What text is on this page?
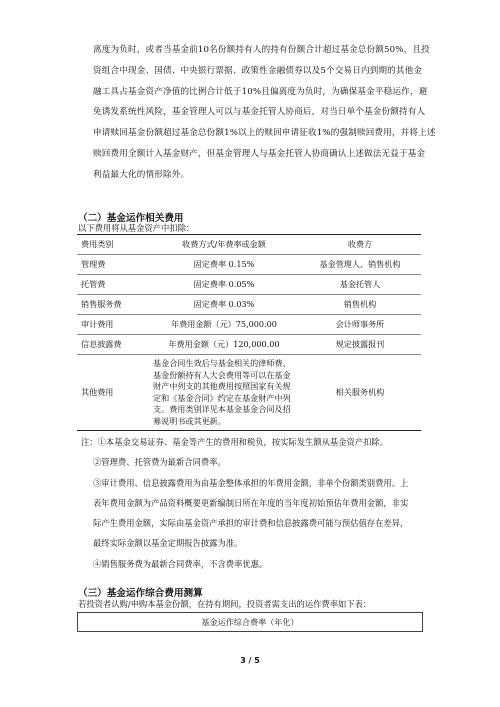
离度为负时，或者当基金前10名份额持有人的持有份额合计超过基金总份额50%，且投

资组合中现金、国债、中央银行票据、政策性金融债券以及5个交易日内到期的其他金

融工具占基金资产净值的比例合计低于10%且偏离度为负时，为确保基金平稳运作，避

免诱发系统性风险，基金管理人可以与基金托管人协商后，对当日单个基金份额持有人

申请赎回基金份额超过基金总份额1%以上的赎回申请征收1%的强制赎回费用，并将上述

赎回费用全额计入基金财产，但基金管理人与基金托管人协商确认上述做法无益于基金

利益最大化的情形除外。

（二）基金运作相关费用
以下费用将从基金资产中扣除：
费用类别	收费方式/年费率或金额	收费方
管理费	固定费率 0.15%	基金管理人、销售机构
托管费	固定费率 0.05%	基金托管人
销售服务费	固定费率 0.03%	销售机构
审计费用	年费用金额（元）75,000.00	会计师事务所
信息披露费	年费用金额（元）120,000.00	规定披露报刊
其他费用	基金合同生效后与基金相关的律师费、基金份额持有人大会费用等可以在基金财产中列支的其他费用按照国家有关规定和《基金合同》约定在基金财产中列支。费用类别详见本基金基金合同及招募说明书或其更新。	相关服务机构

注：①本基金交易证券、基金等产生的费用和税负，按实际发生额从基金资产扣除。

②管理费、托管费为最新合同费率。

③审计费用、信息披露费用为由基金整体承担的年费用金额，非单个份额类别费用。上

表年费用金额为产品资料概要更新编制日所在年度的当年度初始预估年费用金额，非实

际产生费用金额，实际由基金资产承担的审计费和信息披露费可能与预估值存在差异，

最终实际金额以基金定期报告披露为准。

④销售服务费为最新合同费率，不含费率优惠。

（三）基金运作综合费用测算
若投资者认购/申购本基金份额，在持有期间，投资者需支出的运作费率如下表：
基金运作综合费率（年化）
3 / 5
